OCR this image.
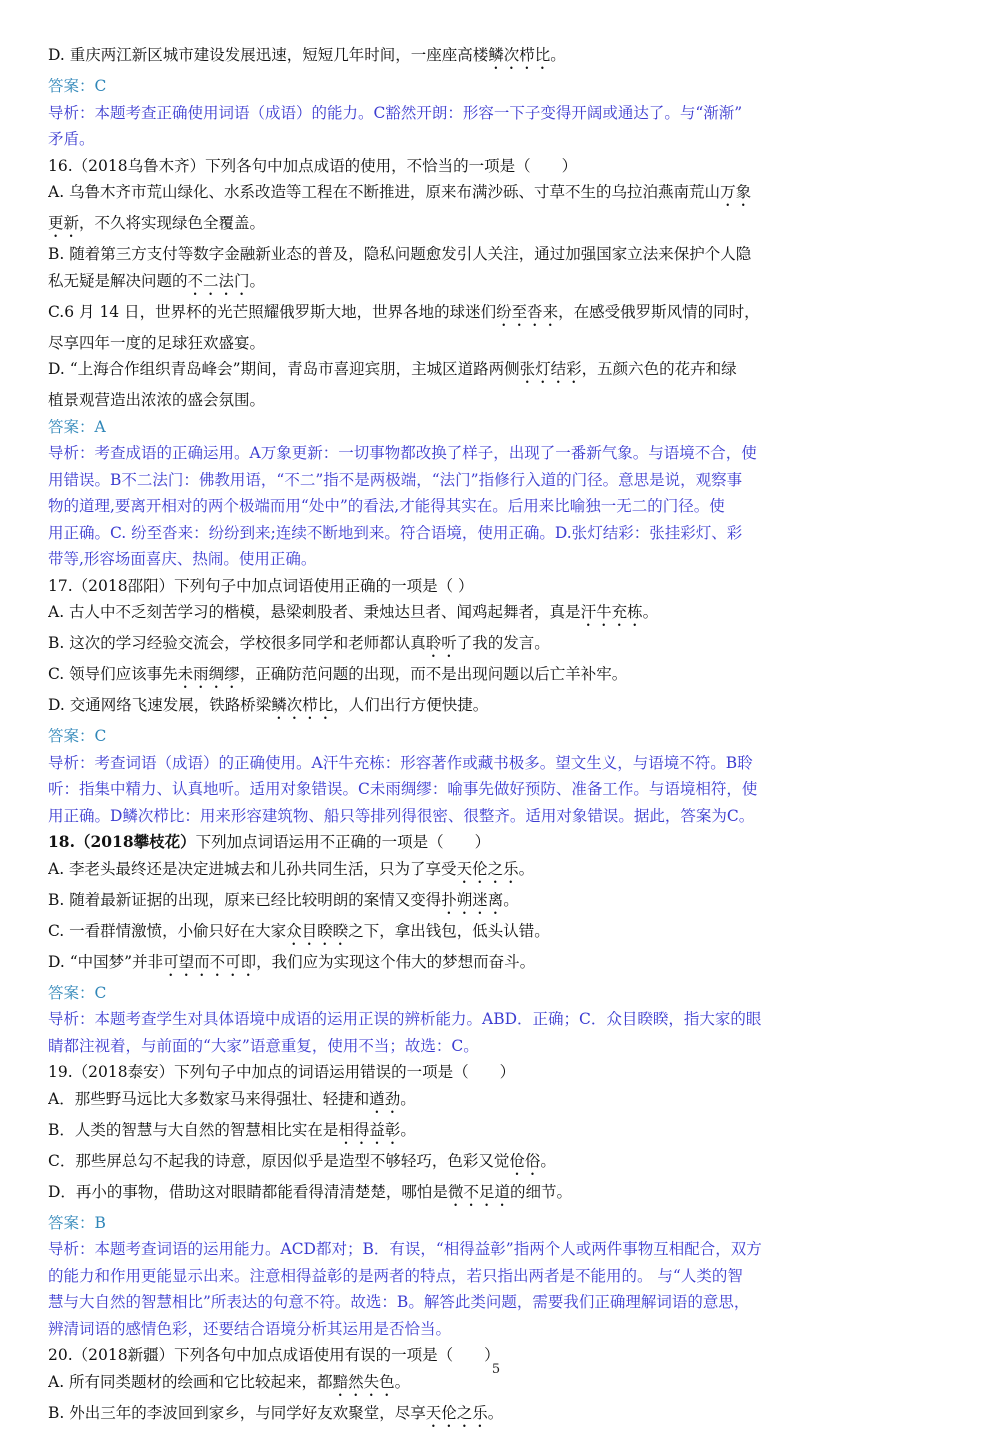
D. 重庆两江新区城市建设发展迅速，短短几年时间，一座座高楼鳞次栉比。
答案：C
导析：本题考查正确使用词语（成语）的能力。C豁然开朗：形容一下子变得开阔或通达了。与“渐渐”
矛盾。
16.（2018乌鲁木齐）下列各句中加点成语的使用，不恰当的一项是（　　）
A. 乌鲁木齐市荒山绿化、水系改造等工程在不断推进，原来布满沙砾、寸草不生的乌拉泊燕南荒山万象
更新，不久将实现绿色全覆盖。
B. 随着第三方支付等数字金融新业态的普及，隐私问题愈发引人关注，通过加强国家立法来保护个人隐
私无疑是解决问题的不二法门。
C.6 月 14 日，世界杯的光芒照耀俄罗斯大地，世界各地的球迷们纷至沓来，在感受俄罗斯风情的同时，
尽享四年一度的足球狂欢盛宴。
D. “上海合作组织青岛峰会”期间，青岛市喜迎宾朋，主城区道路两侧张灯结彩，五颜六色的花卉和绿
植景观营造出浓浓的盛会氛围。
答案：A
导析：考查成语的正确运用。A万象更新：一切事物都改换了样子，出现了一番新气象。与语境不合，使
用错误。B不二法门：佛教用语，“不二”指不是两极端，“法门”指修行入道的门径。意思是说，观察事
物的道理,要离开相对的两个极端而用“处中”的看法,才能得其实在。后用来比喻独一无二的门径。使
用正确。C. 纷至沓来：纷纷到来;连续不断地到来。符合语境，使用正确。D.张灯结彩：张挂彩灯、彩
带等,形容场面喜庆、热闹。使用正确。
17.（2018邵阳）下列句子中加点词语使用正确的一项是（ ）
A. 古人中不乏刻苦学习的楷模，悬梁刺股者、秉烛达旦者、闻鸡起舞者，真是汗牛充栋。
B. 这次的学习经验交流会，学校很多同学和老师都认真聆听了我的发言。
C. 领导们应该事先未雨绸缪，正确防范问题的出现，而不是出现问题以后亡羊补牢。
D. 交通网络飞速发展，铁路桥梁鳞次栉比，人们出行方便快捷。
答案：C
导析：考查词语（成语）的正确使用。A汗牛充栋：形容著作或藏书极多。望文生义，与语境不符。B聆
听：指集中精力、认真地听。适用对象错误。C未雨绸缪：喻事先做好预防、准备工作。与语境相符，使
用正确。D鳞次栉比：用来形容建筑物、船只等排列得很密、很整齐。适用对象错误。据此，答案为C。
18.（2018攀枝花）下列加点词语运用不正确的一项是（　　）
A. 李老头最终还是决定进城去和儿孙共同生活，只为了享受天伦之乐。
B. 随着最新证据的出现，原来已经比较明朗的案情又变得扑朔迷离。
C. 一看群情激愤，小偷只好在大家众目睽睽之下，拿出钱包，低头认错。
D. “中国梦”并非可望而不可即，我们应为实现这个伟大的梦想而奋斗。
答案：C
导析：本题考查学生对具体语境中成语的运用正误的辨析能力。ABD．正确；C．众目睽睽，指大家的眼
睛都注视着，与前面的“大家”语意重复，使用不当；故选：C。
19.（2018泰安）下列句子中加点的词语运用错误的一项是（　　）
A．那些野马远比大多数家马来得强壮、轻捷和遒劲。
B．人类的智慧与大自然的智慧相比实在是相得益彰。
C．那些屏总勾不起我的诗意，原因似乎是造型不够轻巧，色彩又觉伧俗。
D．再小的事物，借助这对眼睛都能看得清清楚楚，哪怕是微不足道的细节。
答案：B
导析：本题考查词语的运用能力。ACD都对；B．有误，“相得益彰”指两个人或两件事物互相配合，双方
的能力和作用更能显示出来。注意相得益彰的是两者的特点，若只指出两者是不能用的。 与“人类的智
慧与大自然的智慧相比”所表达的句意不符。故选：B。解答此类问题，需要我们正确理解词语的意思，
辨清词语的感情色彩，还要结合语境分析其运用是否恰当。
20.（2018新疆）下列各句中加点成语使用有误的一项是（　　）
A. 所有同类题材的绘画和它比较起来，都黯然失色。
B. 外出三年的李波回到家乡，与同学好友欢聚堂，尽享天伦之乐。
5
